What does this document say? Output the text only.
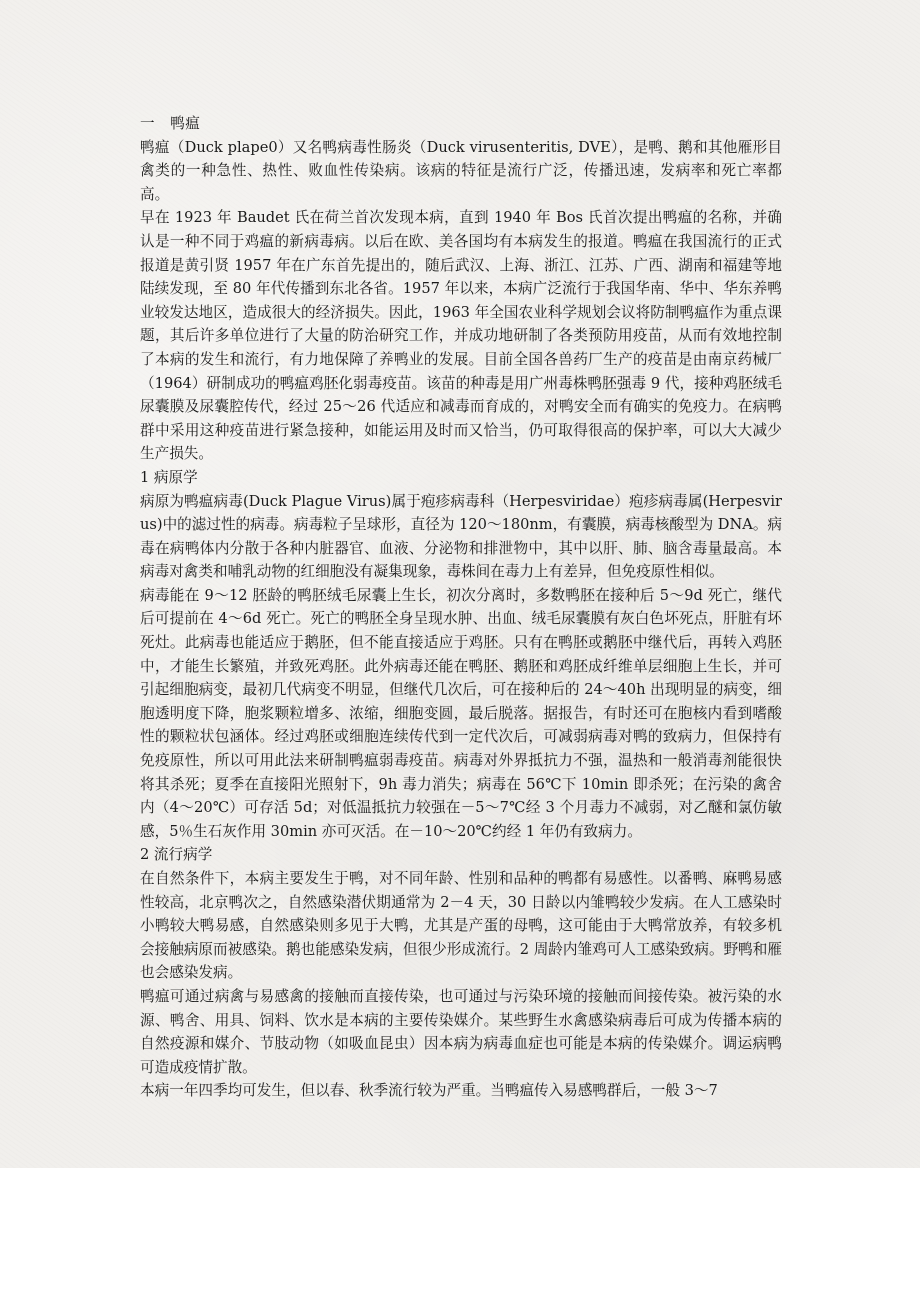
一　鸭瘟

鸭瘟（Duck plape0）又名鸭病毒性肠炎（Duck virusenteritis, DVE），是鸭、鹅和其他雁形目禽类的一种急性、热性、败血性传染病。该病的特征是流行广泛，传播迅速，发病率和死亡率都高。

早在 1923 年 Baudet 氏在荷兰首次发现本病，直到 1940 年 Bos 氏首次提出鸭瘟的名称，并确认是一种不同于鸡瘟的新病毒病。以后在欧、美各国均有本病发生的报道。鸭瘟在我国流行的正式报道是黄引贤 1957 年在广东首先提出的，随后武汉、上海、浙江、江苏、广西、湖南和福建等地陆续发现，至 80 年代传播到东北各省。1957 年以来，本病广泛流行于我国华南、华中、华东养鸭业较发达地区，造成很大的经济损失。因此，1963 年全国农业科学规划会议将防制鸭瘟作为重点课题，其后许多单位进行了大量的防治研究工作，并成功地研制了各类预防用疫苗，从而有效地控制了本病的发生和流行，有力地保障了养鸭业的发展。目前全国各兽药厂生产的疫苗是由南京药械厂（1964）研制成功的鸭瘟鸡胚化弱毒疫苗。该苗的种毒是用广州毒株鸭胚强毒 9 代，接种鸡胚绒毛尿囊膜及尿囊腔传代，经过 25～26 代适应和减毒而育成的，对鸭安全而有确实的免疫力。在病鸭群中采用这种疫苗进行紧急接种，如能运用及时而又恰当，仍可取得很高的保护率，可以大大减少生产损失。

1 病原学

病原为鸭瘟病毒(Duck Plague Virus)属于疱疹病毒科（Herpesviridae）疱疹病毒属(Herpesvirus)中的滤过性的病毒。病毒粒子呈球形，直径为 120～180nm，有囊膜，病毒核酸型为 DNA。病毒在病鸭体内分散于各种内脏器官、血液、分泌物和排泄物中，其中以肝、肺、脑含毒量最高。本病毒对禽类和哺乳动物的红细胞没有凝集现象，毒株间在毒力上有差异，但免疫原性相似。

病毒能在 9～12 胚龄的鸭胚绒毛尿囊上生长，初次分离时，多数鸭胚在接种后 5～9d 死亡，继代后可提前在 4～6d 死亡。死亡的鸭胚全身呈现水肿、出血、绒毛尿囊膜有灰白色坏死点，肝脏有坏死灶。此病毒也能适应于鹅胚，但不能直接适应于鸡胚。只有在鸭胚或鹅胚中继代后，再转入鸡胚中，才能生长繁殖，并致死鸡胚。此外病毒还能在鸭胚、鹅胚和鸡胚成纤维单层细胞上生长，并可引起细胞病变，最初几代病变不明显，但继代几次后，可在接种后的 24～40h 出现明显的病变，细胞透明度下降，胞浆颗粒增多、浓缩，细胞变圆，最后脱落。据报告，有时还可在胞核内看到嗜酸性的颗粒状包涵体。经过鸡胚或细胞连续传代到一定代次后，可减弱病毒对鸭的致病力，但保持有免疫原性，所以可用此法来研制鸭瘟弱毒疫苗。病毒对外界抵抗力不强，温热和一般消毒剂能很快将其杀死；夏季在直接阳光照射下，9h 毒力消失；病毒在 56℃下 10min 即杀死；在污染的禽舍内（4～20℃）可存活 5d；对低温抵抗力较强在－5～7℃经 3 个月毒力不减弱，对乙醚和氯仿敏感，5％生石灰作用 30min 亦可灭活。在－10～20℃约经 1 年仍有致病力。

2 流行病学

在自然条件下，本病主要发生于鸭，对不同年龄、性别和品种的鸭都有易感性。以番鸭、麻鸭易感性较高，北京鸭次之，自然感染潜伏期通常为 2－4 天，30 日龄以内雏鸭较少发病。在人工感染时小鸭较大鸭易感，自然感染则多见于大鸭，尤其是产蛋的母鸭，这可能由于大鸭常放养，有较多机会接触病原而被感染。鹅也能感染发病，但很少形成流行。2 周龄内雏鸡可人工感染致病。野鸭和雁也会感染发病。

鸭瘟可通过病禽与易感禽的接触而直接传染，也可通过与污染环境的接触而间接传染。被污染的水源、鸭舍、用具、饲料、饮水是本病的主要传染媒介。某些野生水禽感染病毒后可成为传播本病的自然疫源和媒介、节肢动物（如吸血昆虫）因本病为病毒血症也可能是本病的传染媒介。调运病鸭可造成疫情扩散。

本病一年四季均可发生，但以春、秋季流行较为严重。当鸭瘟传入易感鸭群后，一般 3～7
